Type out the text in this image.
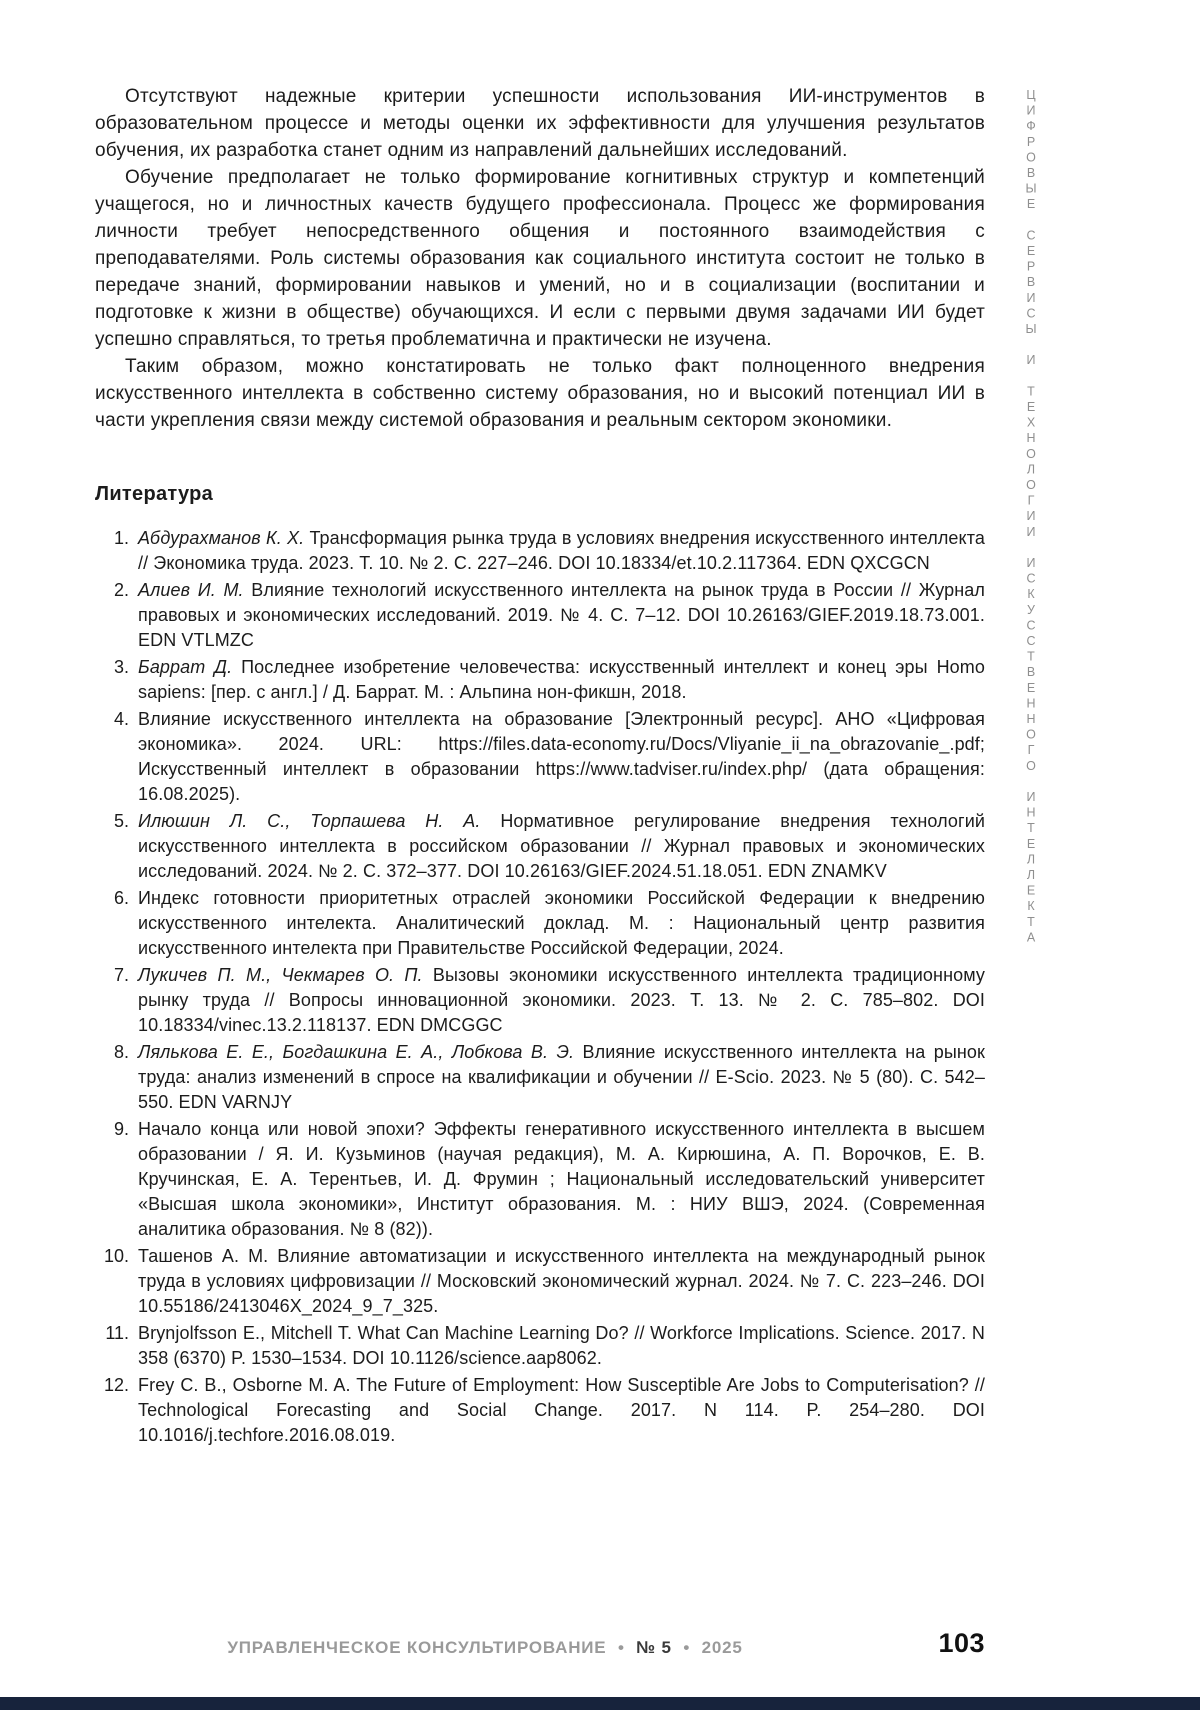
Отсутствуют надежные критерии успешности использования ИИ-инструментов в образовательном процессе и методы оценки их эффективности для улучшения результатов обучения, их разработка станет одним из направлений дальнейших исследований.

Обучение предполагает не только формирование когнитивных структур и компетенций учащегося, но и личностных качеств будущего профессионала. Процесс же формирования личности требует непосредственного общения и постоянного взаимодействия с преподавателями. Роль системы образования как социального института состоит не только в передаче знаний, формировании навыков и умений, но и в социализации (воспитании и подготовке к жизни в обществе) обучающихся. И если с первыми двумя задачами ИИ будет успешно справляться, то третья проблематична и практически не изучена.

Таким образом, можно констатировать не только факт полноценного внедрения искусственного интеллекта в собственно систему образования, но и высокий потенциал ИИ в части укрепления связи между системой образования и реальным сектором экономики.

Литература
1. Абдурахманов К. Х. Трансформация рынка труда в условиях внедрения искусственного интеллекта // Экономика труда. 2023. Т. 10. № 2. С. 227–246. DOI 10.18334/et.10.2.117364. EDN QXCGCN
2. Алиев И. М. Влияние технологий искусственного интеллекта на рынок труда в России // Журнал правовых и экономических исследований. 2019. № 4. С. 7–12. DOI 10.26163/GIEF.2019.18.73.001. EDN VTLMZC
3. Баррат Д. Последнее изобретение человечества: искусственный интеллект и конец эры Homo sapiens: [пер. с англ.] / Д. Баррат. М. : Альпина нон-фикшн, 2018.
4. Влияние искусственного интеллекта на образование [Электронный ресурс]. АНО «Цифровая экономика». 2024. URL: https://files.data-economy.ru/Docs/Vliyanie_ii_na_obrazovanie_.pdf; Искусственный интеллект в образовании https://www.tadviser.ru/index.php/ (дата обращения: 16.08.2025).
5. Илюшин Л. С., Торпашева Н. А. Нормативное регулирование внедрения технологий искусственного интеллекта в российском образовании // Журнал правовых и экономических исследований. 2024. № 2. С. 372–377. DOI 10.26163/GIEF.2024.51.18.051. EDN ZNAMKV
6. Индекс готовности приоритетных отраслей экономики Российской Федерации к внедрению искусственного интелекта. Аналитический доклад. М. : Национальный центр развития искусственного интелекта при Правительстве Российской Федерации, 2024.
7. Лукичев П. М., Чекмарев О. П. Вызовы экономики искусственного интеллекта традиционному рынку труда // Вопросы инновационной экономики. 2023. Т. 13. № 2. С. 785–802. DOI 10.18334/vinec.13.2.118137. EDN DMCGGC
8. Лялькова Е. Е., Богдашкина Е. А., Лобкова В. Э. Влияние искусственного интеллекта на рынок труда: анализ изменений в спросе на квалификации и обучении // E-Scio. 2023. № 5 (80). С. 542–550. EDN VARNJY
9. Начало конца или новой эпохи? Эффекты генеративного искусственного интеллекта в высшем образовании / Я. И. Кузьминов (научая редакция), М. А. Кирюшина, А. П. Ворочков, Е. В. Кручинская, Е. А. Терентьев, И. Д. Фрумин ; Национальный исследовательский университет «Высшая школа экономики», Институт образования. М. : НИУ ВШЭ, 2024. (Современная аналитика образования. № 8 (82)).
10. Ташенов А. М. Влияние автоматизации и искусственного интеллекта на международный рынок труда в условиях цифровизации // Московский экономический журнал. 2024. № 7. С. 223–246. DOI 10.55186/2413046X_2024_9_7_325.
11. Brynjolfsson E., Mitchell T. What Can Machine Learning Do? // Workforce Implications. Science. 2017. N 358 (6370) P. 1530–1534. DOI 10.1126/science.aap8062.
12. Frey C. B., Osborne M. A. The Future of Employment: How Susceptible Are Jobs to Computerisation? // Technological Forecasting and Social Change. 2017. N 114. P. 254–280. DOI 10.1016/j.techfore.2016.08.019.
ЦИФРОВЫЕ СЕРВИСЫ И ТЕХНОЛОГИИ ИСКУССТВЕННОГО ИНТЕЛЛЕКТА
УПРАВЛЕНЧЕСКОЕ КОНСУЛЬТИРОВАНИЕ • № 5 • 2025	103
